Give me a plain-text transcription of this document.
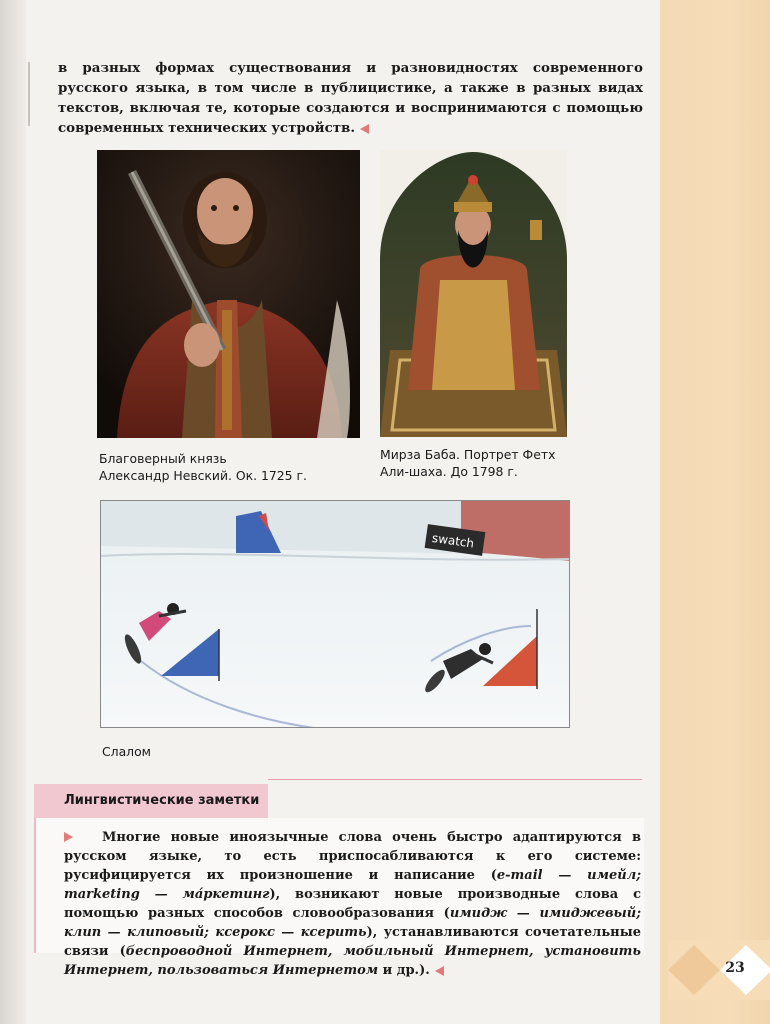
в разных формах существования и разновидностях современного русского языка, в том числе в публицистике, а также в разных видах текстов, включая те, которые создаются и воспринимаются с помощью современных технических устройств.
Благоверный князь
Александр Невский. Ок. 1725 г.
Мирза Баба. Портрет Фетх
Али-шаха. До 1798 г.
swatch
Слалом
Лингвистические заметки
Многие новые иноязычные слова очень быстро адаптируются в русском языке, то есть приспосабливаются к его системе: русифицируется их произношение и написание (e-mail — имейл; marketing — ма́ркетинг), возникают новые производные слова с помощью разных способов словообразования (имидж — имиджевый; клип — клиповый; ксерокс — ксерить), устанавливаются сочетательные связи (беспроводной Интернет, мобильный Интернет, установить Интернет, пользоваться Интернетом и др.).	23
